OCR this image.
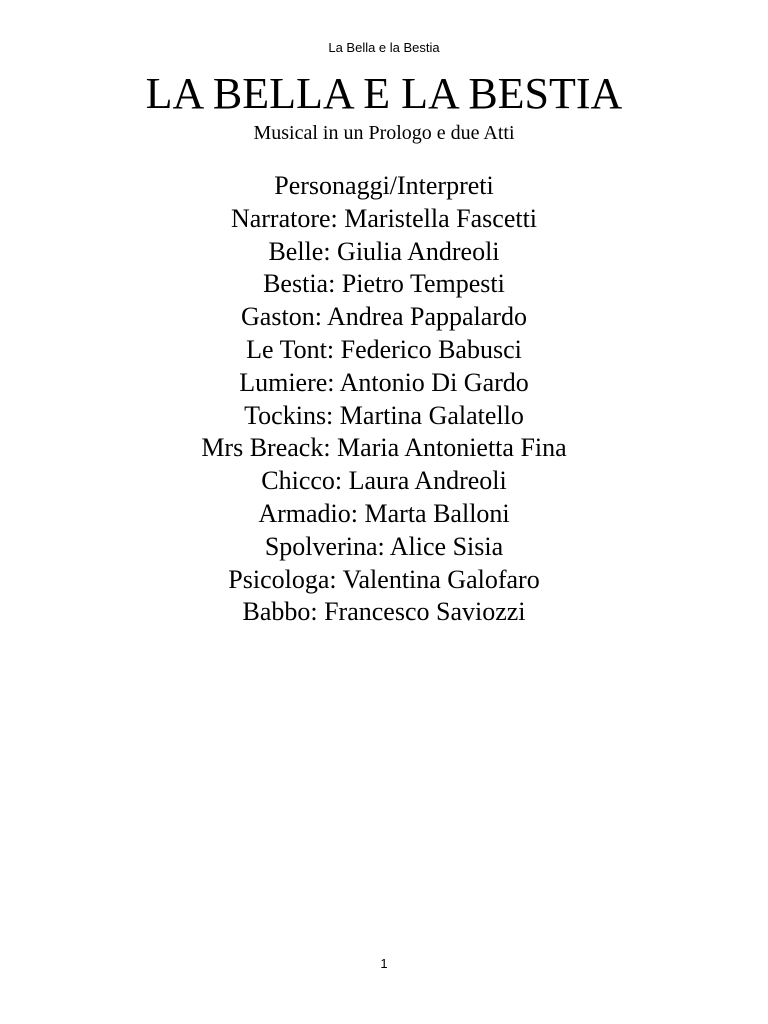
La Bella e la Bestia
LA BELLA E LA BESTIA
Musical in un Prologo e due Atti
Personaggi/Interpreti
Narratore: Maristella Fascetti
Belle: Giulia Andreoli
Bestia: Pietro Tempesti
Gaston: Andrea Pappalardo
Le Tont: Federico Babusci
Lumiere: Antonio Di Gardo
Tockins: Martina Galatello
Mrs Breack: Maria Antonietta Fina
Chicco: Laura Andreoli
Armadio: Marta Balloni
Spolverina: Alice Sisia
Psicologa: Valentina Galofaro
Babbo: Francesco Saviozzi
1
